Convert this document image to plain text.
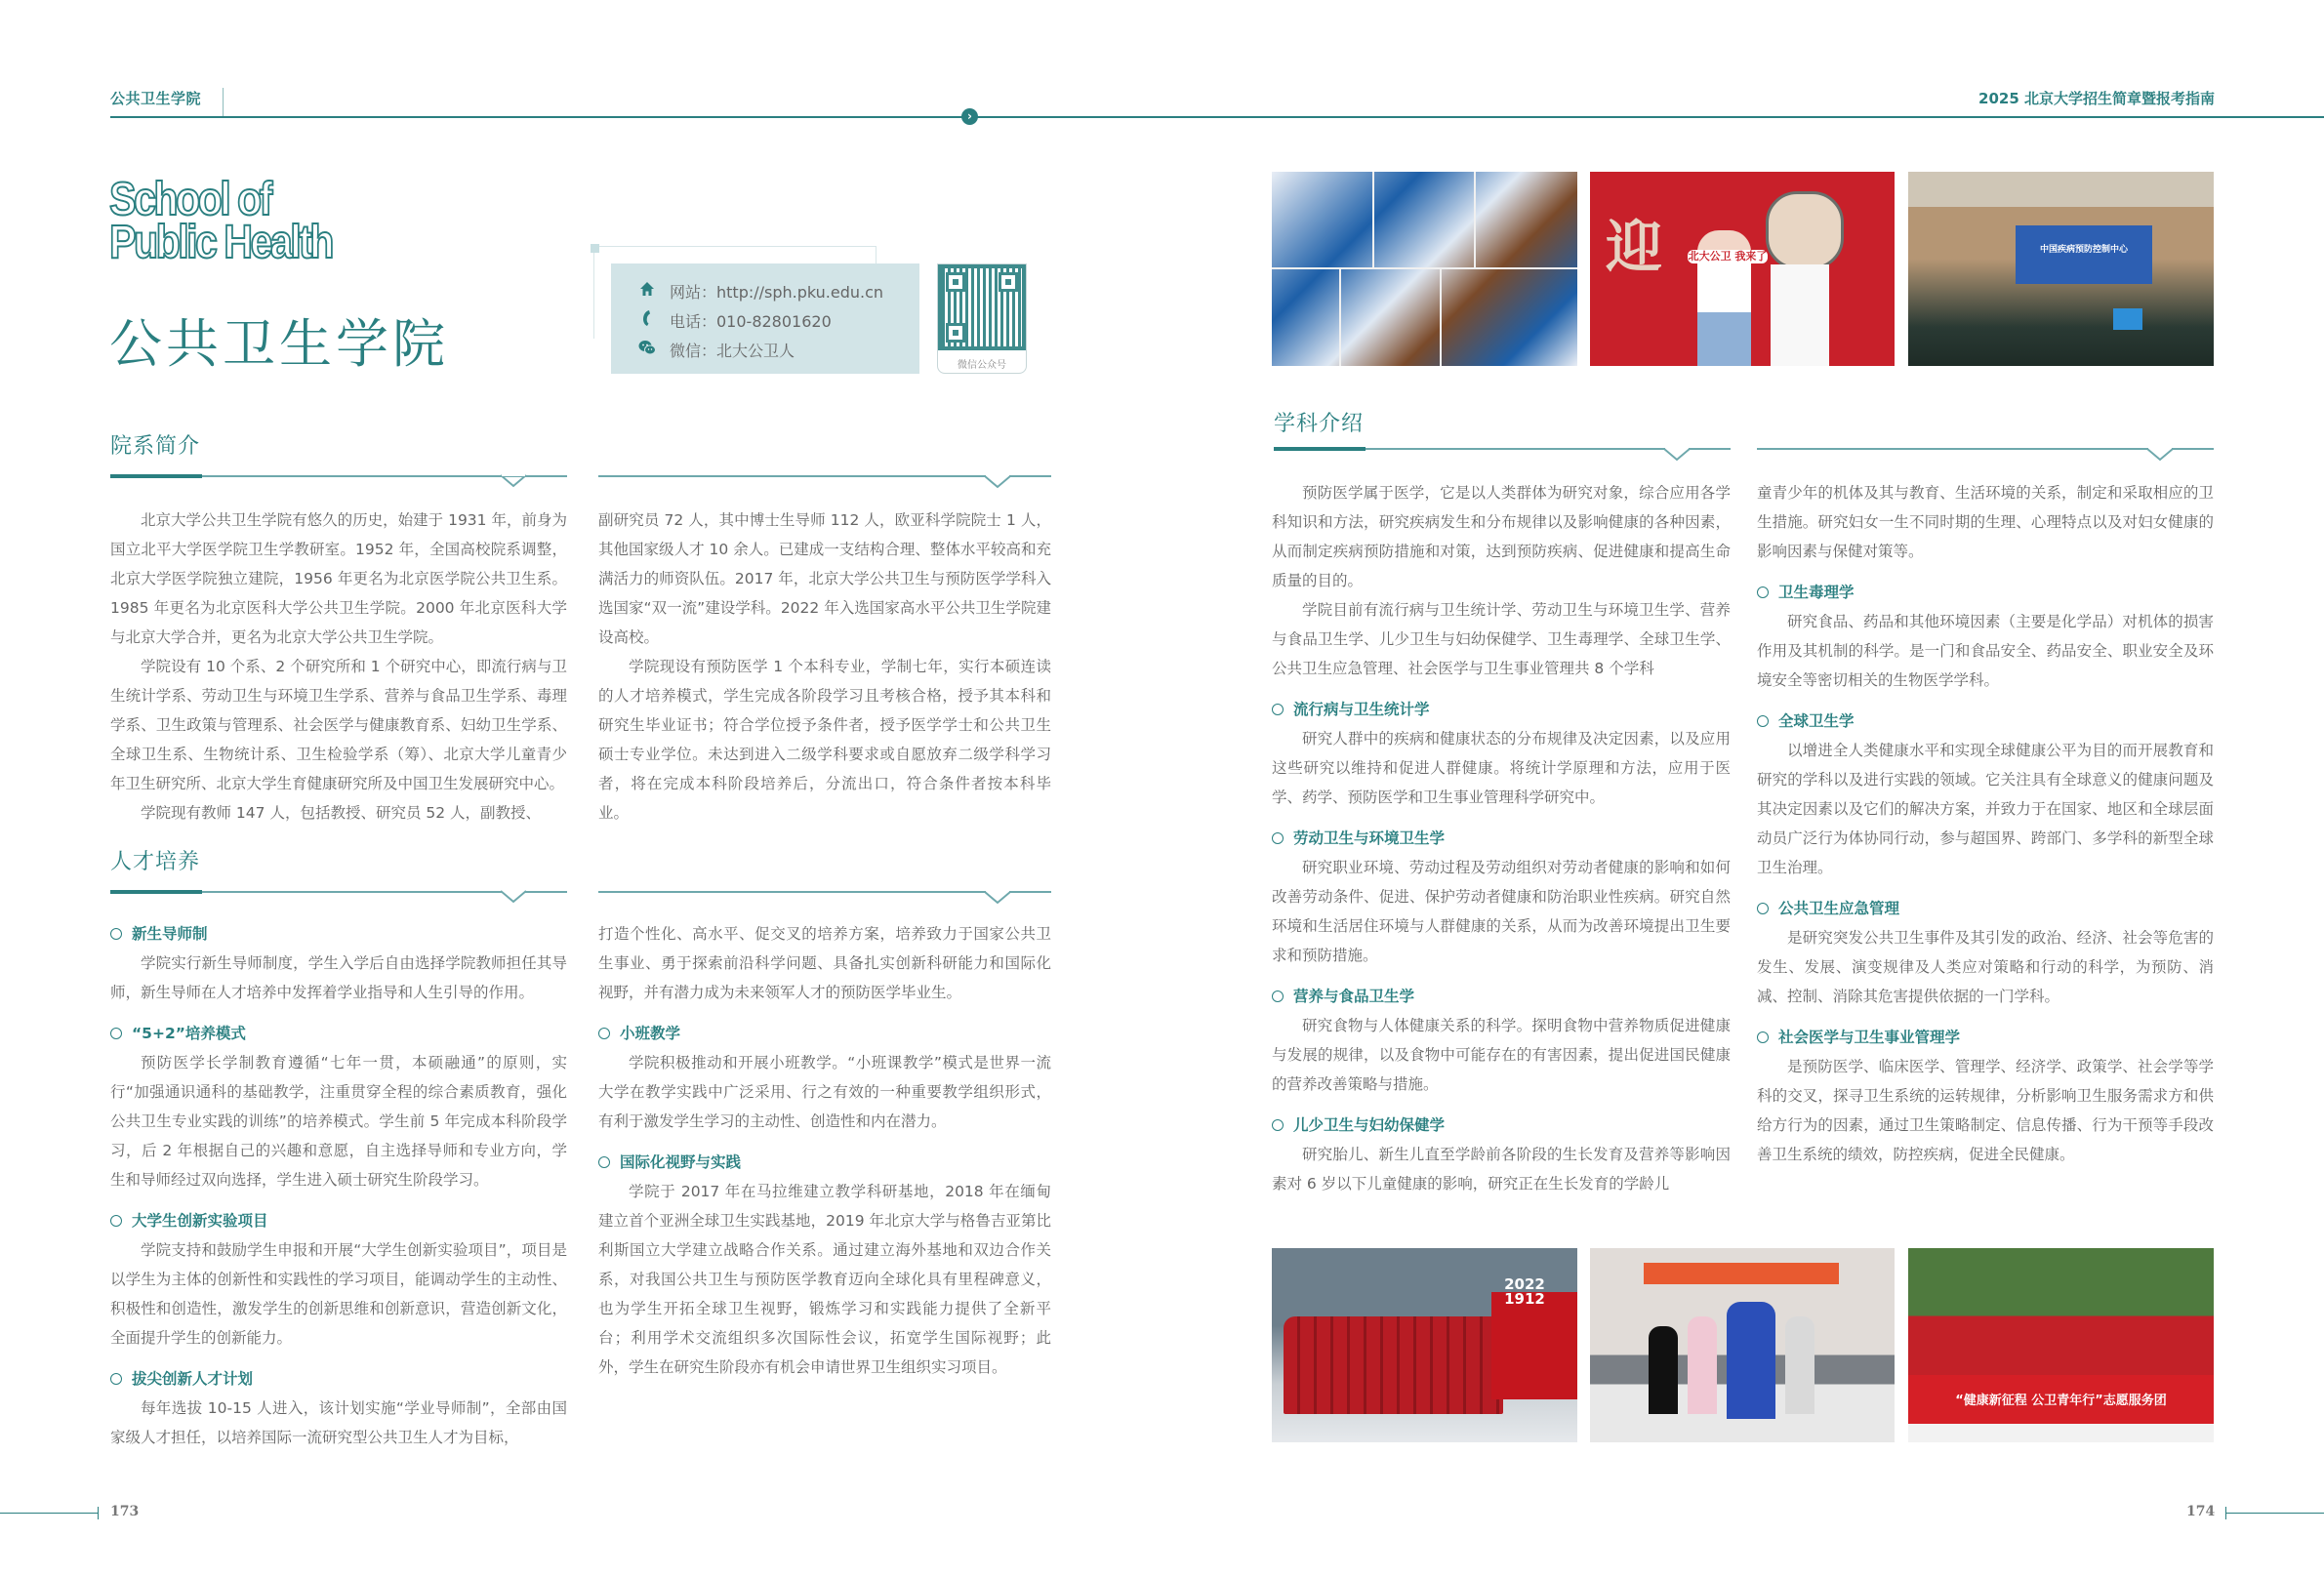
公共卫生学院	2025 北京大学招生简章暨报考指南
›
School of
Public Health
公共卫生学院
网站：http://sph.pku.edu.cn
电话：010-82801620
微信：北大公卫人
微信公众号
院系简介

北京大学公共卫生学院有悠久的历史，始建于 1931 年，前身为国立北平大学医学院卫生学教研室。1952 年，全国高校院系调整，北京大学医学院独立建院，1956 年更名为北京医学院公共卫生系。1985 年更名为北京医科大学公共卫生学院。2000 年北京医科大学与北京大学合并，更名为北京大学公共卫生学院。

学院设有 10 个系、2 个研究所和 1 个研究中心，即流行病与卫生统计学系、劳动卫生与环境卫生学系、营养与食品卫生学系、毒理学系、卫生政策与管理系、社会医学与健康教育系、妇幼卫生学系、全球卫生系、生物统计系、卫生检验学系（筹）、北京大学儿童青少年卫生研究所、北京大学生育健康研究所及中国卫生发展研究中心。

学院现有教师 147 人，包括教授、研究员 52 人，副教授、

副研究员 72 人，其中博士生导师 112 人，欧亚科学院院士 1 人，其他国家级人才 10 余人。已建成一支结构合理、整体水平较高和充满活力的师资队伍。2017 年，北京大学公共卫生与预防医学学科入选国家“双一流”建设学科。2022 年入选国家高水平公共卫生学院建设高校。

学院现设有预防医学 1 个本科专业，学制七年，实行本硕连读的人才培养模式，学生完成各阶段学习且考核合格，授予其本科和研究生毕业证书；符合学位授予条件者，授予医学学士和公共卫生硕士专业学位。未达到进入二级学科要求或自愿放弃二级学科学习者，将在完成本科阶段培养后，分流出口，符合条件者按本科毕业。

人才培养
新生导师制

学院实行新生导师制度，学生入学后自由选择学院教师担任其导师，新生导师在人才培养中发挥着学业指导和人生引导的作用。

“5+2”培养模式

预防医学长学制教育遵循“七年一贯，本硕融通”的原则，实行“加强通识通科的基础教学，注重贯穿全程的综合素质教育，强化公共卫生专业实践的训练”的培养模式。学生前 5 年完成本科阶段学习，后 2 年根据自己的兴趣和意愿，自主选择导师和专业方向，学生和导师经过双向选择，学生进入硕士研究生阶段学习。

大学生创新实验项目

学院支持和鼓励学生申报和开展“大学生创新实验项目”，项目是以学生为主体的创新性和实践性的学习项目，能调动学生的主动性、积极性和创造性，激发学生的创新思维和创新意识，营造创新文化，全面提升学生的创新能力。

拔尖创新人才计划

每年选拔 10-15 人进入，该计划实施“学业导师制”，全部由国家级人才担任，以培养国际一流研究型公共卫生人才为目标，

打造个性化、高水平、促交叉的培养方案，培养致力于国家公共卫生事业、勇于探索前沿科学问题、具备扎实创新科研能力和国际化视野，并有潜力成为未来领军人才的预防医学毕业生。

小班教学

学院积极推动和开展小班教学。“小班课教学”模式是世界一流大学在教学实践中广泛采用、行之有效的一种重要教学组织形式，有利于激发学生学习的主动性、创造性和内在潜力。

国际化视野与实践

学院于 2017 年在马拉维建立教学科研基地，2018 年在缅甸建立首个亚洲全球卫生实践基地，2019 年北京大学与格鲁吉亚第比利斯国立大学建立战略合作关系。通过建立海外基地和双边合作关系，对我国公共卫生与预防医学教育迈向全球化具有里程碑意义，也为学生开拓全球卫生视野，锻炼学习和实践能力提供了全新平台；利用学术交流组织多次国际性会议，拓宽学生国际视野；此外，学生在研究生阶段亦有机会申请世界卫生组织实习项目。

迎 北大公卫 我来了	中国疾病预防控制中心
学科介绍

预防医学属于医学，它是以人类群体为研究对象，综合应用各学科知识和方法，研究疾病发生和分布规律以及影响健康的各种因素，从而制定疾病预防措施和对策，达到预防疾病、促进健康和提高生命质量的目的。

学院目前有流行病与卫生统计学、劳动卫生与环境卫生学、营养与食品卫生学、儿少卫生与妇幼保健学、卫生毒理学、全球卫生学、公共卫生应急管理、社会医学与卫生事业管理共 8 个学科

流行病与卫生统计学

研究人群中的疾病和健康状态的分布规律及决定因素，以及应用这些研究以维持和促进人群健康。将统计学原理和方法，应用于医学、药学、预防医学和卫生事业管理科学研究中。

劳动卫生与环境卫生学

研究职业环境、劳动过程及劳动组织对劳动者健康的影响和如何改善劳动条件、促进、保护劳动者健康和防治职业性疾病。研究自然环境和生活居住环境与人群健康的关系，从而为改善环境提出卫生要求和预防措施。

营养与食品卫生学

研究食物与人体健康关系的科学。探明食物中营养物质促进健康与发展的规律，以及食物中可能存在的有害因素，提出促进国民健康的营养改善策略与措施。

儿少卫生与妇幼保健学

研究胎儿、新生儿直至学龄前各阶段的生长发育及营养等影响因素对 6 岁以下儿童健康的影响，研究正在生长发育的学龄儿

童青少年的机体及其与教育、生活环境的关系，制定和采取相应的卫生措施。研究妇女一生不同时期的生理、心理特点以及对妇女健康的影响因素与保健对策等。

卫生毒理学

研究食品、药品和其他环境因素（主要是化学品）对机体的损害作用及其机制的科学。是一门和食品安全、药品安全、职业安全及环境安全等密切相关的生物医学学科。

全球卫生学

以增进全人类健康水平和实现全球健康公平为目的而开展教育和研究的学科以及进行实践的领域。它关注具有全球意义的健康问题及其决定因素以及它们的解决方案，并致力于在国家、地区和全球层面动员广泛行为体协同行动，参与超国界、跨部门、多学科的新型全球卫生治理。

公共卫生应急管理

是研究突发公共卫生事件及其引发的政治、经济、社会等危害的发生、发展、演变规律及人类应对策略和行动的科学，为预防、消减、控制、消除其危害提供依据的一门学科。

社会医学与卫生事业管理学

是预防医学、临床医学、管理学、经济学、政策学、社会学等学科的交叉，探寻卫生系统的运转规律，分析影响卫生服务需求方和供给方行为的因素，通过卫生策略制定、信息传播、行为干预等手段改善卫生系统的绩效，防控疾病，促进全民健康。

2022 1912
“健康新征程 公卫青年行”志愿服务团
173	174
